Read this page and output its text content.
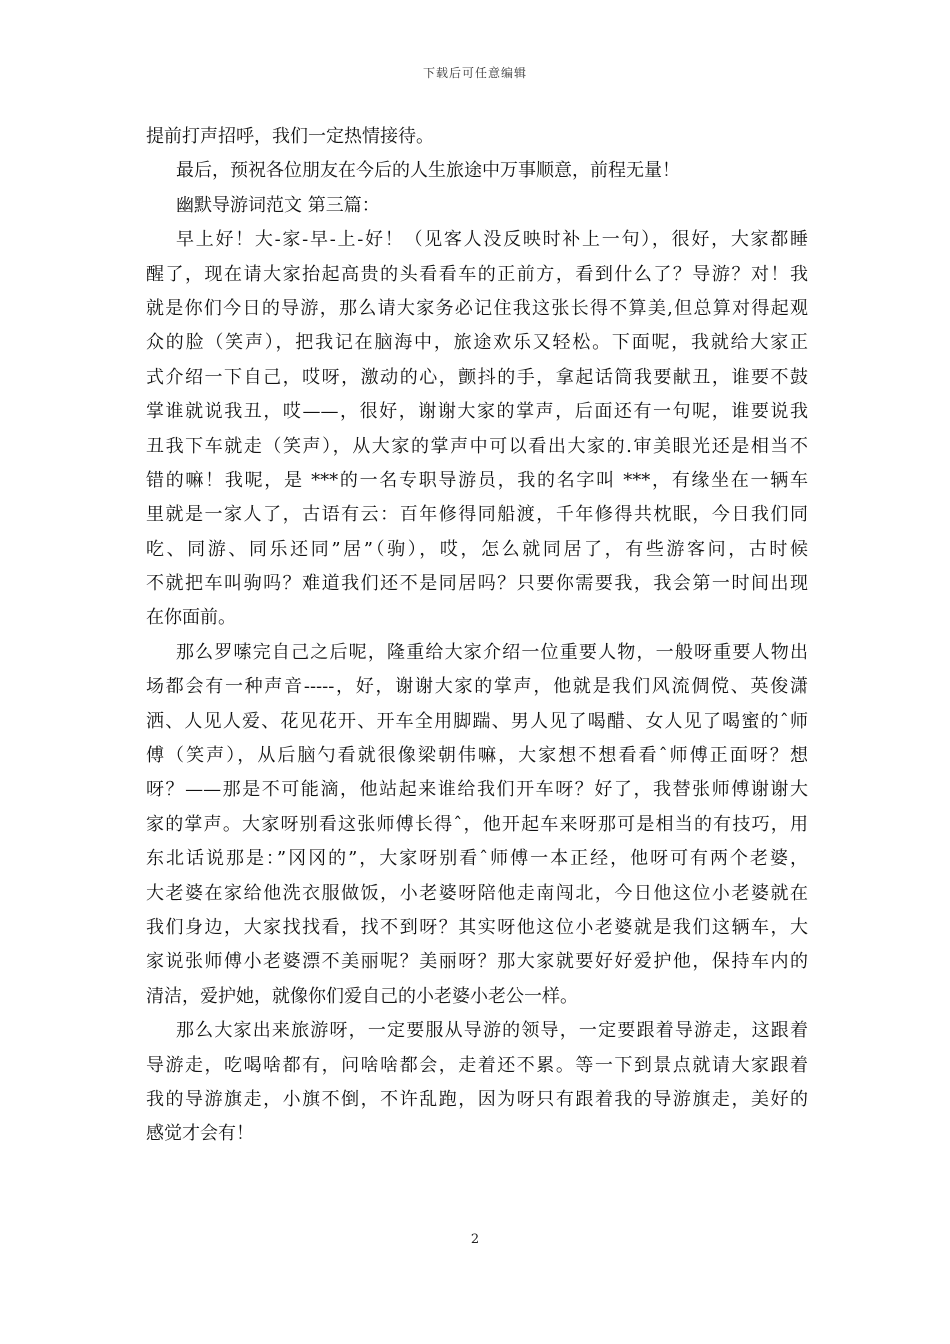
下载后可任意编辑
提前打声招呼，我们一定热情接待。
最后，预祝各位朋友在今后的人生旅途中万事顺意，前程无量！
幽默导游词范文 第三篇：
早上好！大-家-早-上-好！（见客人没反映时补上一句），很好，大家都睡
醒了，现在请大家抬起高贵的头看看车的正前方，看到什么了？导游？对！我
就是你们今日的导游，那么请大家务必记住我这张长得不算美,但总算对得起观
众的脸（笑声），把我记在脑海中，旅途欢乐又轻松。下面呢，我就给大家正
式介绍一下自己，哎呀，激动的心，颤抖的手，拿起话筒我要献丑，谁要不鼓
掌谁就说我丑，哎——，很好，谢谢大家的掌声，后面还有一句呢，谁要说我
丑我下车就走（笑声），从大家的掌声中可以看出大家的.审美眼光还是相当不
错的嘛！我呢，是 ***的一名专职导游员，我的名字叫 ***，有缘坐在一辆车
里就是一家人了，古语有云：百年修得同船渡，千年修得共枕眠，今日我们同
吃、同游、同乐还同”居”（驹），哎，怎么就同居了，有些游客问，古时候
不就把车叫驹吗？难道我们还不是同居吗？只要你需要我，我会第一时间出现
在你面前。
那么罗嗦完自己之后呢，隆重给大家介绍一位重要人物，一般呀重要人物出
场都会有一种声音-----，好，谢谢大家的掌声，他就是我们风流倜傥、英俊潇
洒、人见人爱、花见花开、开车全用脚踹、男人见了喝醋、女人见了喝蜜的ˆ师
傅（笑声），从后脑勺看就很像梁朝伟嘛，大家想不想看看ˆ师傅正面呀？想
呀？——那是不可能滴，他站起来谁给我们开车呀？好了，我替张师傅谢谢大
家的掌声。大家呀别看这张师傅长得ˆ，他开起车来呀那可是相当的有技巧，用
东北话说那是：”冈冈的”，大家呀别看ˆ师傅一本正经，他呀可有两个老婆，
大老婆在家给他洗衣服做饭，小老婆呀陪他走南闯北，今日他这位小老婆就在
我们身边，大家找找看，找不到呀？其实呀他这位小老婆就是我们这辆车，大
家说张师傅小老婆漂不美丽呢？美丽呀？那大家就要好好爱护他，保持车内的
清洁，爱护她，就像你们爱自己的小老婆小老公一样。
那么大家出来旅游呀，一定要服从导游的领导，一定要跟着导游走，这跟着
导游走，吃喝啥都有，问啥啥都会，走着还不累。等一下到景点就请大家跟着
我的导游旗走，小旗不倒，不许乱跑，因为呀只有跟着我的导游旗走，美好的
感觉才会有！
2
